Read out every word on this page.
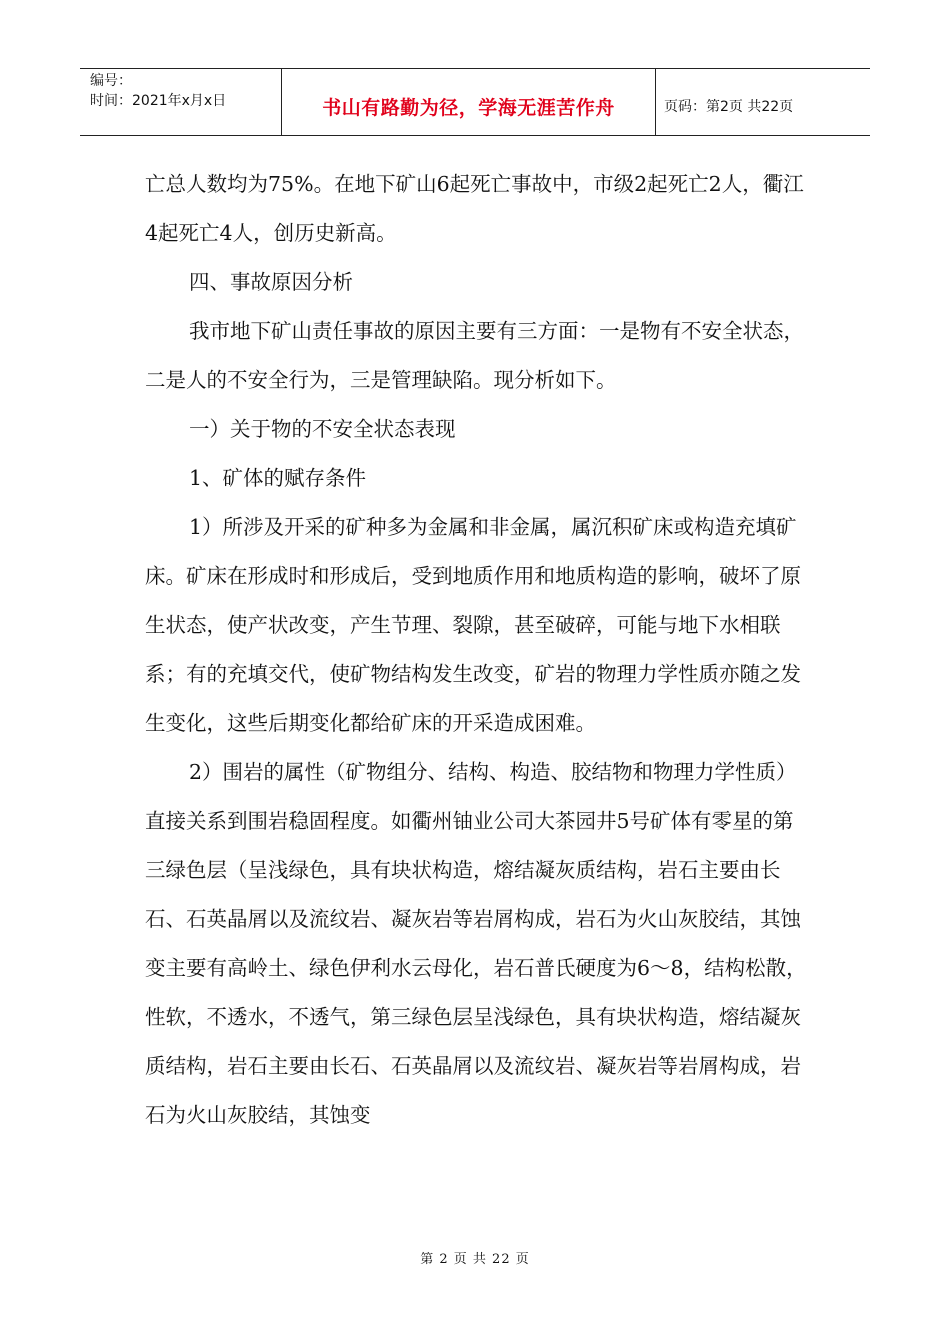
编号：
时间：2021年x月x日	书山有路勤为径，学海无涯苦作舟	页码：第2页 共22页

亡总人数均为75%。在地下矿山6起死亡事故中，市级2起死亡2人，衢江4起死亡4人，创历史新高。

四、事故原因分析

我市地下矿山责任事故的原因主要有三方面：一是物有不安全状态，二是人的不安全行为，三是管理缺陷。现分析如下。

一）关于物的不安全状态表现

1、矿体的赋存条件

1）所涉及开采的矿种多为金属和非金属，属沉积矿床或构造充填矿床。矿床在形成时和形成后，受到地质作用和地质构造的影响，破坏了原生状态，使产状改变，产生节理、裂隙，甚至破碎，可能与地下水相联系；有的充填交代，使矿物结构发生改变，矿岩的物理力学性质亦随之发生变化，这些后期变化都给矿床的开采造成困难。

2）围岩的属性（矿物组分、结构、构造、胶结物和物理力学性质）直接关系到围岩稳固程度。如衢州铀业公司大茶园井5号矿体有零星的第三绿色层（呈浅绿色，具有块状构造，熔结凝灰质结构，岩石主要由长石、石英晶屑以及流纹岩、凝灰岩等岩屑构成，岩石为火山灰胶结，其蚀变主要有高岭土、绿色伊利水云母化，岩石普氏硬度为6～8，结构松散，性软，不透水，不透气，第三绿色层呈浅绿色，具有块状构造，熔结凝灰质结构，岩石主要由长石、石英晶屑以及流纹岩、凝灰岩等岩屑构成，岩石为火山灰胶结，其蚀变

第 2 页 共 22 页
